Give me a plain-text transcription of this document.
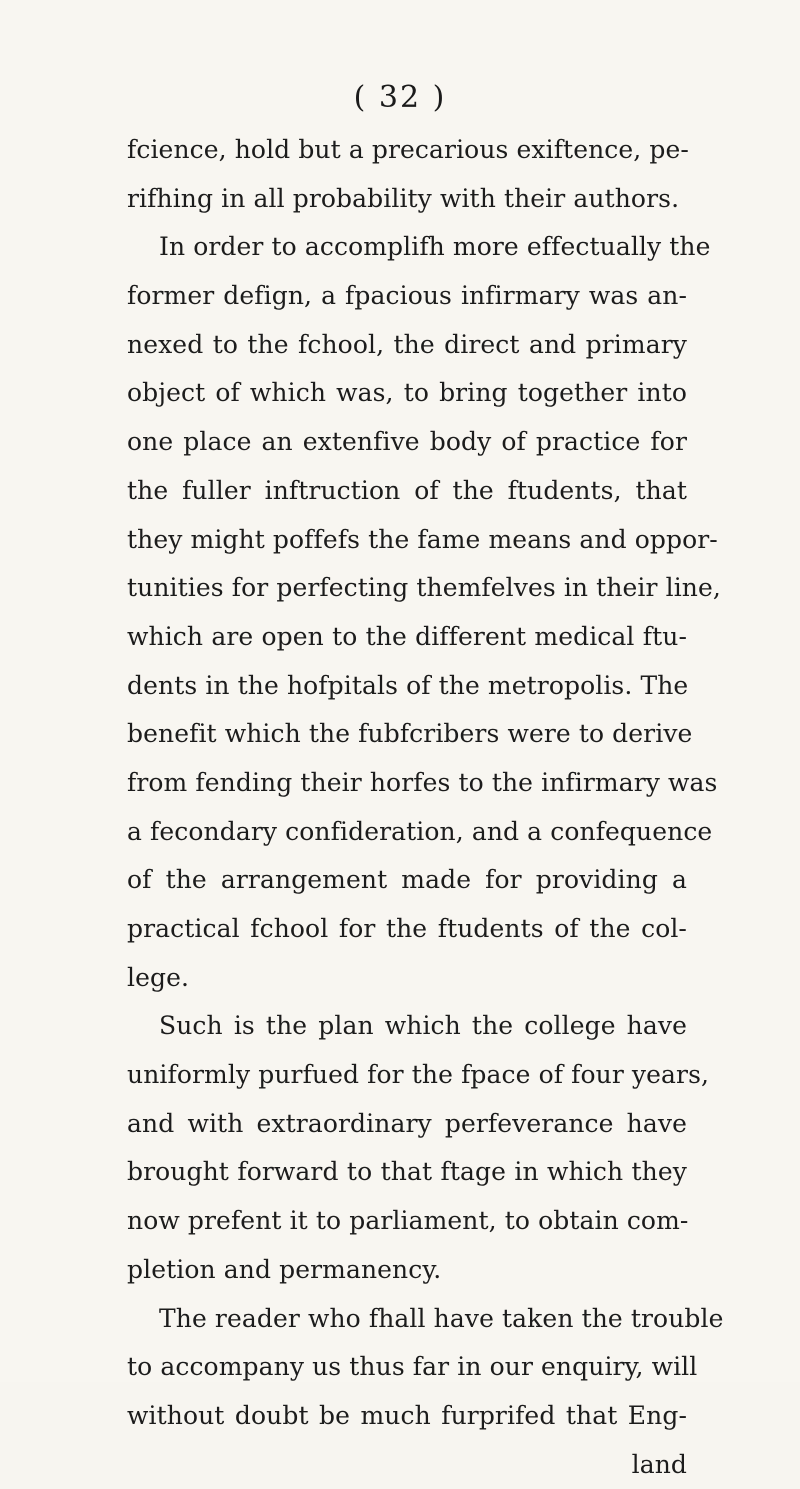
( 32 )
fcience, hold but a precarious exiftence, pe-
rifhing in all probability with their authors.
In order to accomplifh more effectually the
former defign, a fpacious infirmary was an-
nexed to the fchool, the direct and primary
object of which was, to bring together into
one place an extenfive body of practice for
the fuller inftruction of the ftudents, that
they might poffefs the fame means and oppor-
tunities for perfecting themfelves in their line,
which are open to the different medical ftu-
dents in the hofpitals of the metropolis. The
benefit which the fubfcribers were to derive
from fending their horfes to the infirmary was
a fecondary confideration, and a confequence
of the arrangement made for providing a
practical fchool for the ftudents of the col-
lege.
Such is the plan which the college have
uniformly purfued for the fpace of four years,
and with extraordinary perfeverance have
brought forward to that ftage in which they
now prefent it to parliament, to obtain com-
pletion and permanency.
The reader who fhall have taken the trouble
to accompany us thus far in our enquiry, will
without doubt be much furprifed that Eng-
land
